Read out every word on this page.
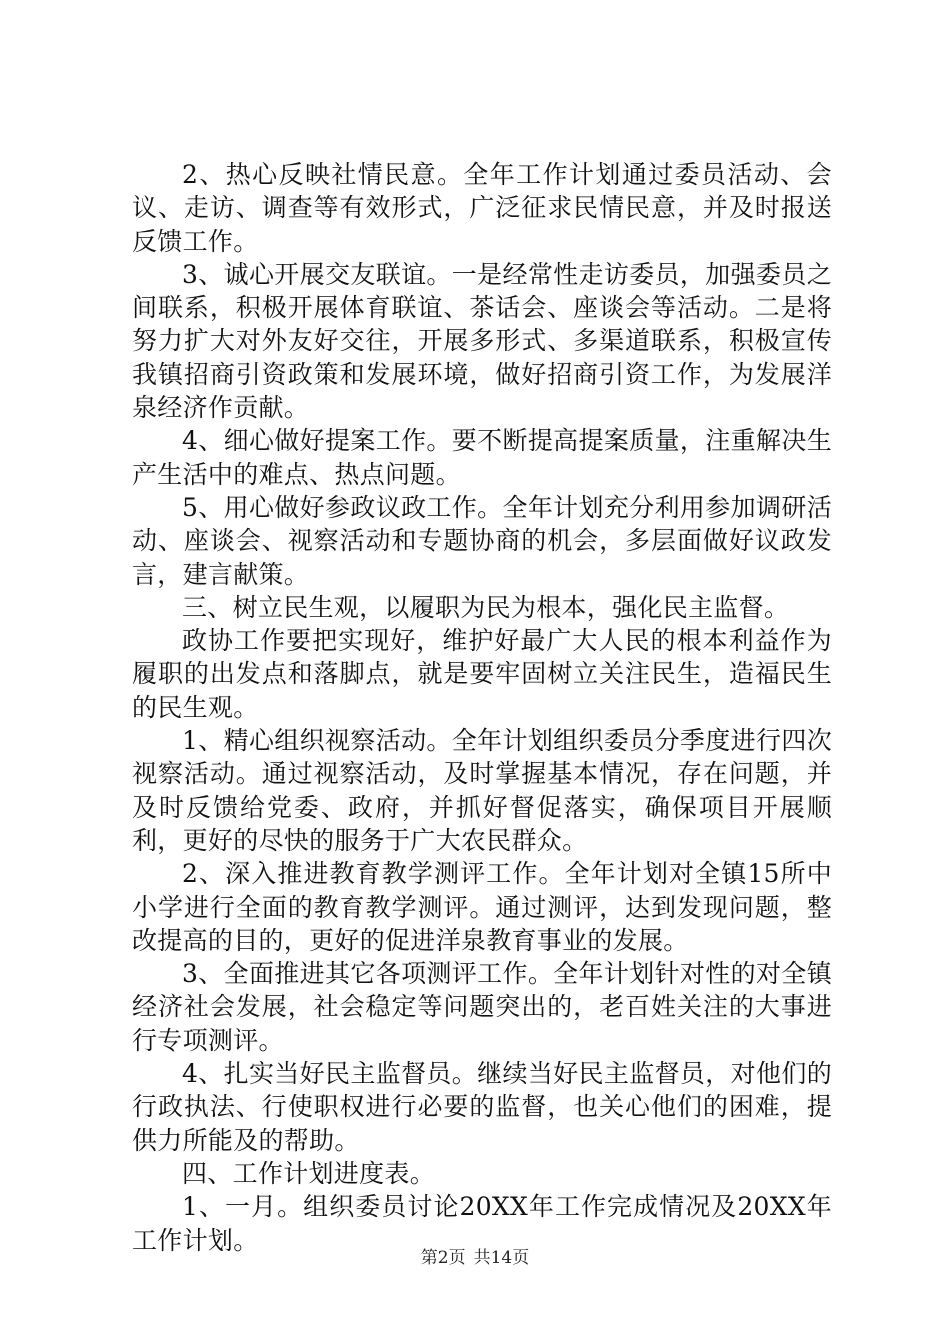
2、热心反映社情民意。全年工作计划通过委员活动、会议、走访、调查等有效形式，广泛征求民情民意，并及时报送反馈工作。

3、诚心开展交友联谊。一是经常性走访委员，加强委员之间联系，积极开展体育联谊、茶话会、座谈会等活动。二是将努力扩大对外友好交往，开展多形式、多渠道联系，积极宣传我镇招商引资政策和发展环境，做好招商引资工作，为发展洋泉经济作贡献。

4、细心做好提案工作。要不断提高提案质量，注重解决生产生活中的难点、热点问题。

5、用心做好参政议政工作。全年计划充分利用参加调研活动、座谈会、视察活动和专题协商的机会，多层面做好议政发言，建言献策。

三、树立民生观，以履职为民为根本，强化民主监督。

政协工作要把实现好，维护好最广大人民的根本利益作为履职的出发点和落脚点，就是要牢固树立关注民生，造福民生的民生观。

1、精心组织视察活动。全年计划组织委员分季度进行四次视察活动。通过视察活动，及时掌握基本情况，存在问题，并及时反馈给党委、政府，并抓好督促落实，确保项目开展顺利，更好的尽快的服务于广大农民群众。

2、深入推进教育教学测评工作。全年计划对全镇15所中小学进行全面的教育教学测评。通过测评，达到发现问题，整改提高的目的，更好的促进洋泉教育事业的发展。

3、全面推进其它各项测评工作。全年计划针对性的对全镇经济社会发展，社会稳定等问题突出的，老百姓关注的大事进行专项测评。

4、扎实当好民主监督员。继续当好民主监督员，对他们的行政执法、行使职权进行必要的监督，也关心他们的困难，提供力所能及的帮助。

四、工作计划进度表。

1、一月。组织委员讨论20XX年工作完成情况及20XX年工作计划。

第2页 共14页
